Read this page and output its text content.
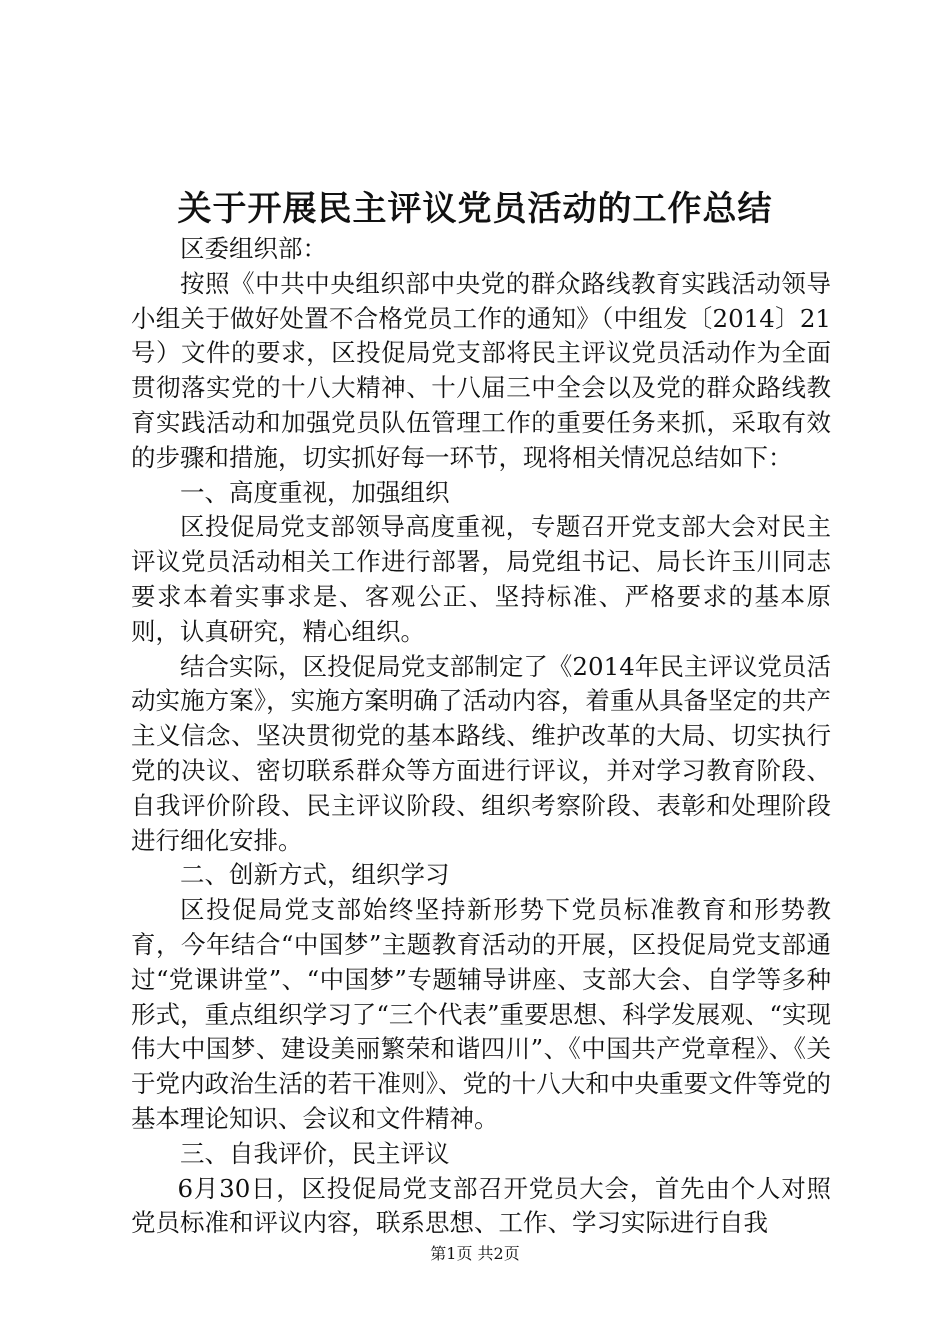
关于开展民主评议党员活动的工作总结

区委组织部：

按照《中共中央组织部中央党的群众路线教育实践活动领导小组关于做好处置不合格党员工作的通知》（中组发〔2014〕21号）文件的要求，区投促局党支部将民主评议党员活动作为全面贯彻落实党的十八大精神、十八届三中全会以及党的群众路线教育实践活动和加强党员队伍管理工作的重要任务来抓，采取有效的步骤和措施，切实抓好每一环节，现将相关情况总结如下：

一、高度重视，加强组织

区投促局党支部领导高度重视，专题召开党支部大会对民主评议党员活动相关工作进行部署，局党组书记、局长许玉川同志要求本着实事求是、客观公正、坚持标准、严格要求的基本原则，认真研究，精心组织。

结合实际，区投促局党支部制定了《2014年民主评议党员活动实施方案》，实施方案明确了活动内容，着重从具备坚定的共产主义信念、坚决贯彻党的基本路线、维护改革的大局、切实执行党的决议、密切联系群众等方面进行评议，并对学习教育阶段、自我评价阶段、民主评议阶段、组织考察阶段、表彰和处理阶段进行细化安排。

二、创新方式，组织学习

区投促局党支部始终坚持新形势下党员标准教育和形势教育，今年结合“中国梦”主题教育活动的开展，区投促局党支部通过“党课讲堂”、“中国梦”专题辅导讲座、支部大会、自学等多种形式，重点组织学习了“三个代表”重要思想、科学发展观、“实现伟大中国梦、建设美丽繁荣和谐四川”、《中国共产党章程》、《关于党内政治生活的若干准则》、党的十八大和中央重要文件等党的基本理论知识、会议和文件精神。

三、自我评价，民主评议

6月30日，区投促局党支部召开党员大会，首先由个人对照党员标准和评议内容，联系思想、工作、学习实际进行自我

第1页 共2页
